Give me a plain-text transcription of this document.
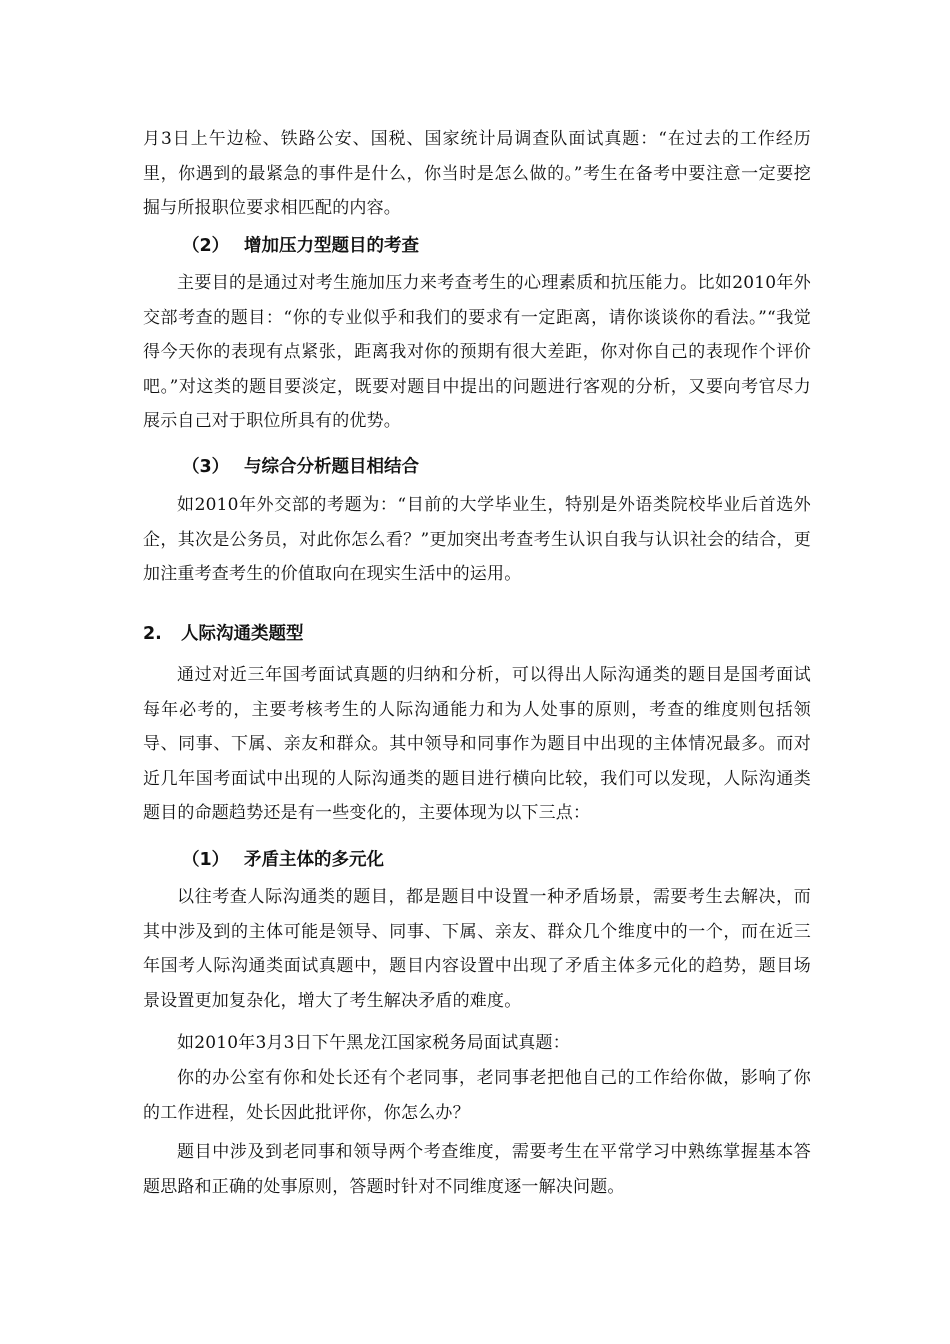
月3日上午边检、铁路公安、国税、国家统计局调查队面试真题：“在过去的工作经历里，你遇到的最紧急的事件是什么，你当时是怎么做的。”考生在备考中要注意一定要挖掘与所报职位要求相匹配的内容。

（2） 增加压力型题目的考查

主要目的是通过对考生施加压力来考查考生的心理素质和抗压能力。比如2010年外交部考查的题目：“你的专业似乎和我们的要求有一定距离，请你谈谈你的看法。”“我觉得今天你的表现有点紧张，距离我对你的预期有很大差距，你对你自己的表现作个评价吧。”对这类的题目要淡定，既要对题目中提出的问题进行客观的分析，又要向考官尽力展示自己对于职位所具有的优势。

（3） 与综合分析题目相结合

如2010年外交部的考题为：“目前的大学毕业生，特别是外语类院校毕业后首选外企，其次是公务员，对此你怎么看？”更加突出考查考生认识自我与认识社会的结合，更加注重考查考生的价值取向在现实生活中的运用。

2. 人际沟通类题型

通过对近三年国考面试真题的归纳和分析，可以得出人际沟通类的题目是国考面试每年必考的，主要考核考生的人际沟通能力和为人处事的原则，考查的维度则包括领导、同事、下属、亲友和群众。其中领导和同事作为题目中出现的主体情况最多。而对近几年国考面试中出现的人际沟通类的题目进行横向比较，我们可以发现，人际沟通类题目的命题趋势还是有一些变化的，主要体现为以下三点：

（1） 矛盾主体的多元化

以往考查人际沟通类的题目，都是题目中设置一种矛盾场景，需要考生去解决，而其中涉及到的主体可能是领导、同事、下属、亲友、群众几个维度中的一个，而在近三年国考人际沟通类面试真题中，题目内容设置中出现了矛盾主体多元化的趋势，题目场景设置更加复杂化，增大了考生解决矛盾的难度。

如2010年3月3日下午黑龙江国家税务局面试真题：

你的办公室有你和处长还有个老同事，老同事老把他自己的工作给你做，影响了你的工作进程，处长因此批评你，你怎么办？

题目中涉及到老同事和领导两个考查维度，需要考生在平常学习中熟练掌握基本答题思路和正确的处事原则，答题时针对不同维度逐一解决问题。
